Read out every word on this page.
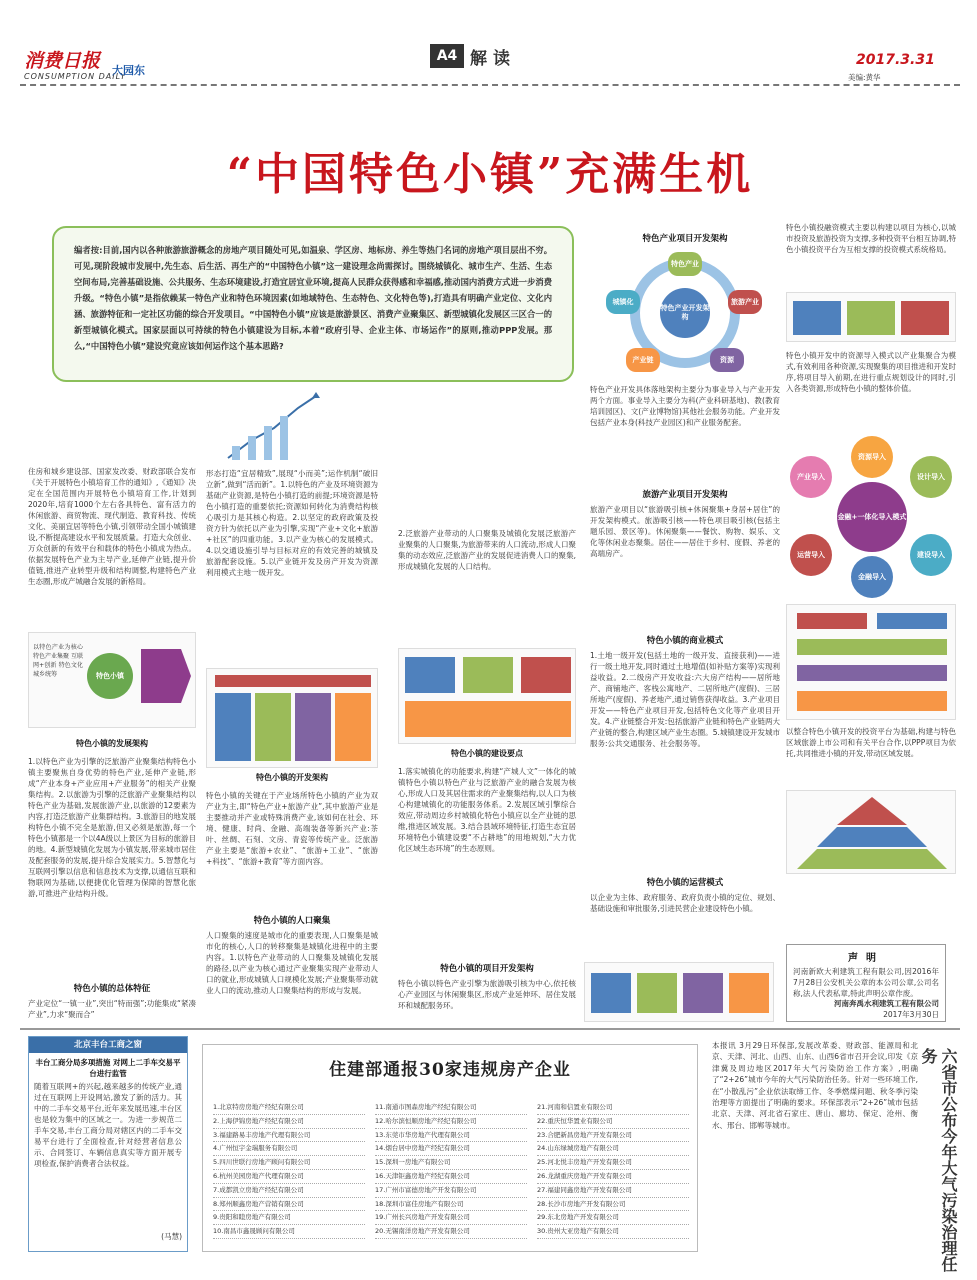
消费日报
CONSUMPTION DAILY
大园东
A4 解读	2017.3.31
美编:黄华
“中国特色小镇”充满生机
编者按:目前,国内以各种旅游旅游概念的房地产项目随处可见,如温泉、学区房、地标房、养生等热门名词的房地产项目层出不穷。可见,现阶段城市发展中,先生态、后生活、再生产的“中国特色小镇”这一建设理念尚需探讨。围绕城镇化、城市生产、生活、生态空间布局,完善基础设施、公共服务、生态环境建设,打造宜居宜业环境,提高人民群众获得感和幸福感,推动国内消费方式进一步消费升级。“特色小镇”是指依赖某一特色产业和特色环境因素(如地域特色、生态特色、文化特色等),打造具有明确产业定位、文化内涵、旅游特征和一定社区功能的综合开发项目。“中国特色小镇”应该是旅游景区、消费产业聚集区、新型城镇化发展区三区合一的新型城镇化模式。国家层面以可持续的特色小镇建设为目标,本着“政府引导、企业主体、市场运作”的原则,推动PPP发展。那么,“中国特色小镇”建设究竟应该如何运作这个基本思路?
住房和城乡建设部、国家发改委、财政部联合发布《关于开展特色小镇培育工作的通知》,《通知》决定在全国范围内开展特色小镇培育工作,计划到2020年,培育1000个左右各具特色、富有活力的休闲旅游、商贸物流、现代制造、教育科技、传统文化、美丽宜居等特色小镇,引领带动全国小城镇建设,不断提高建设水平和发展质量。打造大众创业、万众创新的有效平台和载体的特色小镇成为热点。依据发展特色产业为主导产业,延伸产业链,提升价值链,推进产业转型升级和结构调整,构建特色产业生态圈,形成产城融合发展的新格局。
以特色产业为核心 特色产业集聚 互联网+创新 特色文化 城乡统筹	特色小镇
特色小镇的发展架构
1.以特色产业为引擎的泛旅游产业聚集结构特色小镇主要聚焦自身优势的特色产业,延伸产业链,形成“产业本身+产业应用+产业服务”的相关产业聚集结构。2.以旅游为引擎的泛旅游产业聚集结构以特色产业为基础,发展旅游产业,以旅游的12要素为内容,打造泛旅游产业集群结构。3.旅游目的地发展构特色小镇不完全是旅游,但又必须是旅游,每一个特色小镇都是一个以4A级以上景区为目标的旅游目的地。4.新型城镇化发展为小镇发展,带来城市居住及配套服务的发展,提升综合发展实力。5.智慧化与互联网引擎以信息和信息技术为支撑,以通信互联和物联网为基础,以便捷优化管理为保障的智慧化旅游,可推进产业结构升级。
特色小镇的总体特征
产业定位“一镇一业”,突出“特而强”;功能集成“紧凑产业”,力求“聚而合”
形态打造“宜居精致”,展现“小而美”;运作机制“破旧立新”,做到“活而新”。1.以特色的产业及环境资源为基础产业资源,是特色小镇打造的前提;环境资源是特色小镇打造的重要依托;资源如何转化为消费结构核心吸引力是其核心构造。2.以坚定的政府政策及投资方针为依托以产业为引擎,实现“产业+文化+旅游+社区”的四重功能。3.以产业为核心的发展模式。4.以交通设施引导与目标对应的有效完善的城镇及旅游配套设施。5.以产业链开发及房产开发为资源利用模式主地一级开发。
特色小镇的开发架构
特色小镇的关键在于产业场所特色小镇的产业为双产业为主,即“特色产业+旅游产业”,其中旅游产业是主要推动并产业或特殊消费产业,该如何在社会、环境、健康、时尚、金融、高端装备等新兴产业:茶叶、丝绸、石刻、文房、青瓷等传统产业。泛旅游产业主要是“旅游+农业”、“旅游+工业”、“旅游+科技”、“旅游+教育”等方面内容。
特色小镇的人口聚集
人口聚集的速度是城市化的重要表现,人口聚集是城市化的核心,人口的转移聚集是城镇化进程中的主要内容。1.以特色产业带动的人口聚集及城镇化发展的路径,以产业为核心通过产业聚集实现产业带动人口的就业,形成城镇人口规模化发展;产业聚集带动就业人口的流动,推动人口聚集结构的形成与发展。
2.泛旅游产业带动的人口聚集及城镇化发展泛旅游产业聚集的人口聚集,为旅游带来的人口流动,形成人口聚集的动态效应,泛旅游产业的发展促进消费人口的聚集,形成城镇化发展的人口结构。
特色小镇的建设要点
1.落实城镇化的功能要求,构建“产城人文”一体化的城镇特色小镇以特色产业与泛旅游产业的融合发展为核心,形成人口及其居住需求的产业聚集结构,以人口为核心构建城镇化的功能服务体系。2.发展区域引擎综合效应,带动周边乡村城镇化特色小镇应以全产业链的思维,推进区域发展。3.结合县域环境特征,打造生态宜居环境特色小镇建设要“不占耕地”的用地规划,“大力优化区域生态环境”的生态原则。
特色小镇的项目开发架构
特色小镇以特色产业引擎为旅游吸引核为中心,依托核心产业园区与休闲聚集区,形成产业延伸环、居住发展环和城配服务环。
特色产业项目开发架构
特色产业开发架构
特色产业
旅游产业
资源
产业链
城镇化
特色产业开发具体落地架构主要分为事业导入与产业开发两个方面。事业导入主要分为科(产业科研基地)、教(教育培训园区)、文(产业博物馆)其他社会服务功能。产业开发包括产业本身(科技产业园区)和产业服务配套。
旅游产业项目开发架构
旅游产业项目以“旅游吸引核+休闲聚集+身居+居住”的开发架构模式。旅游吸引核——特色项目吸引核(包括主题乐园、景区等)。休闲聚集——餐饮、购物、娱乐、文化等休闲业态聚集。居住——居住于乡村、度假、养老的高端房产。
特色小镇的商业模式
1.土地一级开发(包括土地的一级开发、直接获利)——进行一级土地开发,同时通过土地增值(如补贴方案等)实现利益收益。2.二级房产开发收益:六大房产结构——居所地产、商铺地产、客栈公寓地产、二居所地产(度假)、三居所地产(度假)、养老地产,通过销售获得收益。3.产业项目开发——特色产业项目开发,包括特色文化等产业项目开发。4.产业链整合开发:包括旅游产业链和特色产业链两大产业链的整合,构建区域产业生态圈。5.城镇建设开发城市服务:公共交通服务、社会服务等。
特色小镇的运营模式
以企业为主体、政府服务、政府负责小镇的定位、规划、基础设施和审批服务,引进民营企业建设特色小镇。
特色小镇投融资模式主要以构建以项目为核心,以城市投资及旅游投资为支撑,多种投资平台相互协调,特色小镇投资平台为互相支撑的投资模式系统格局。
特色小镇开发中的资源导入模式以产业集聚合为模式,有效利用各种资源,实现聚集的项目推进和开发时序,将项目导入前期,在进行重点规划设计的同时,引入各类资源,形成特色小镇的整体价值。
金融+一体化导入模式
产业导入
资源导入
设计导入
建设导入
金融导入
运营导入
以整合特色小镇开发的投资平台为基础,构建与特色区域旅游上市公司和有关平台合作,以PPP项目为依托,共同推进小镇的开发,带动区域发展。
声明
河南新欧大利建筑工程有限公司,因2016年7月28日公安机关公章的本公司公章,公司名称,法人代表私章,特此声明公章作废。
河南奔禹水利建筑工程有限公司
2017年3月30日
北京丰台工商之窗
丰台工商分局多项措施 对网上二手车交易平台进行监管
随着互联网+的兴起,越来越多的传统产业,通过在互联网上开设网站,激发了新的活力。其中的二手车交易平台,近年来发展迅速,丰台区也是较为集中的区域之一。为进一步规范二手车交易,丰台工商分局对辖区内的二手车交易平台进行了全面检查,针对经营者信息公示、合同签订、车辆信息真实等方面开展专项检查,保护消费者合法权益。
(马慧)
住建部通报30家违规房产企业
1.北京特房房地产经纪有限公司
2.上海伊锦房地产经纪有限公司
3.福建路易丰房地产代理有限公司
4.广州恒宇金瑞服务有限公司
5.四川世联行房地产顾问有限公司
6.杭州美园房地产代理有限公司
7.成都凯立房地产经纪有限公司
8.郑州顺鑫房地产营销有限公司
9.贵阳和睦房地产有限公司
10.南昌市鑫晟顾问有限公司
11.南通市图森房地产经纪有限公司
12.哈尔滨恒顺房地产经纪有限公司
13.东莞市华房地产代理有限公司
14.烟台居中房地产经纪有限公司
15.深圳一房地产有限公司
16.天津钜鑫房地产经纪有限公司
17.广州市富德房地产开发有限公司
18.深圳市富佳房地产有限公司
19.广州长兴房地产开发有限公司
20.无锡南洋房地产开发有限公司
21.河南和信置业有限公司
22.重庆恒华置业有限公司
23.合肥新昌房地产开发有限公司
24.山东绿城房地产有限公司
25.河北悦丰房地产开发有限公司
26.龙湖重庆房地产开发有限公司
27.福建同鑫房地产开发有限公司
28.长沙市房地产开发有限公司
29.东北房地产开发有限公司
30.贵州大亚房地产有限公司
本报讯 3月29日环保部,发展改革委、财政部、能源局和北京、天津、河北、山西、山东、山西6省市召开会议,印发《京津冀及周边地区2017年大气污染防治工作方案》,明确了“2+26”城市今年的大气污染防治任务。针对一些环境工作,在“小散乱污”企业依法取缔工作、冬季燃煤问题、秋冬季污染治理等方面提出了明确的要求。环保部表示“2+26”城市包括北京、天津、河北省石家庄、唐山、廊坊、保定、沧州、衡水、邢台、邯郸等城市。	六省市公布今年大气污染治理任务
